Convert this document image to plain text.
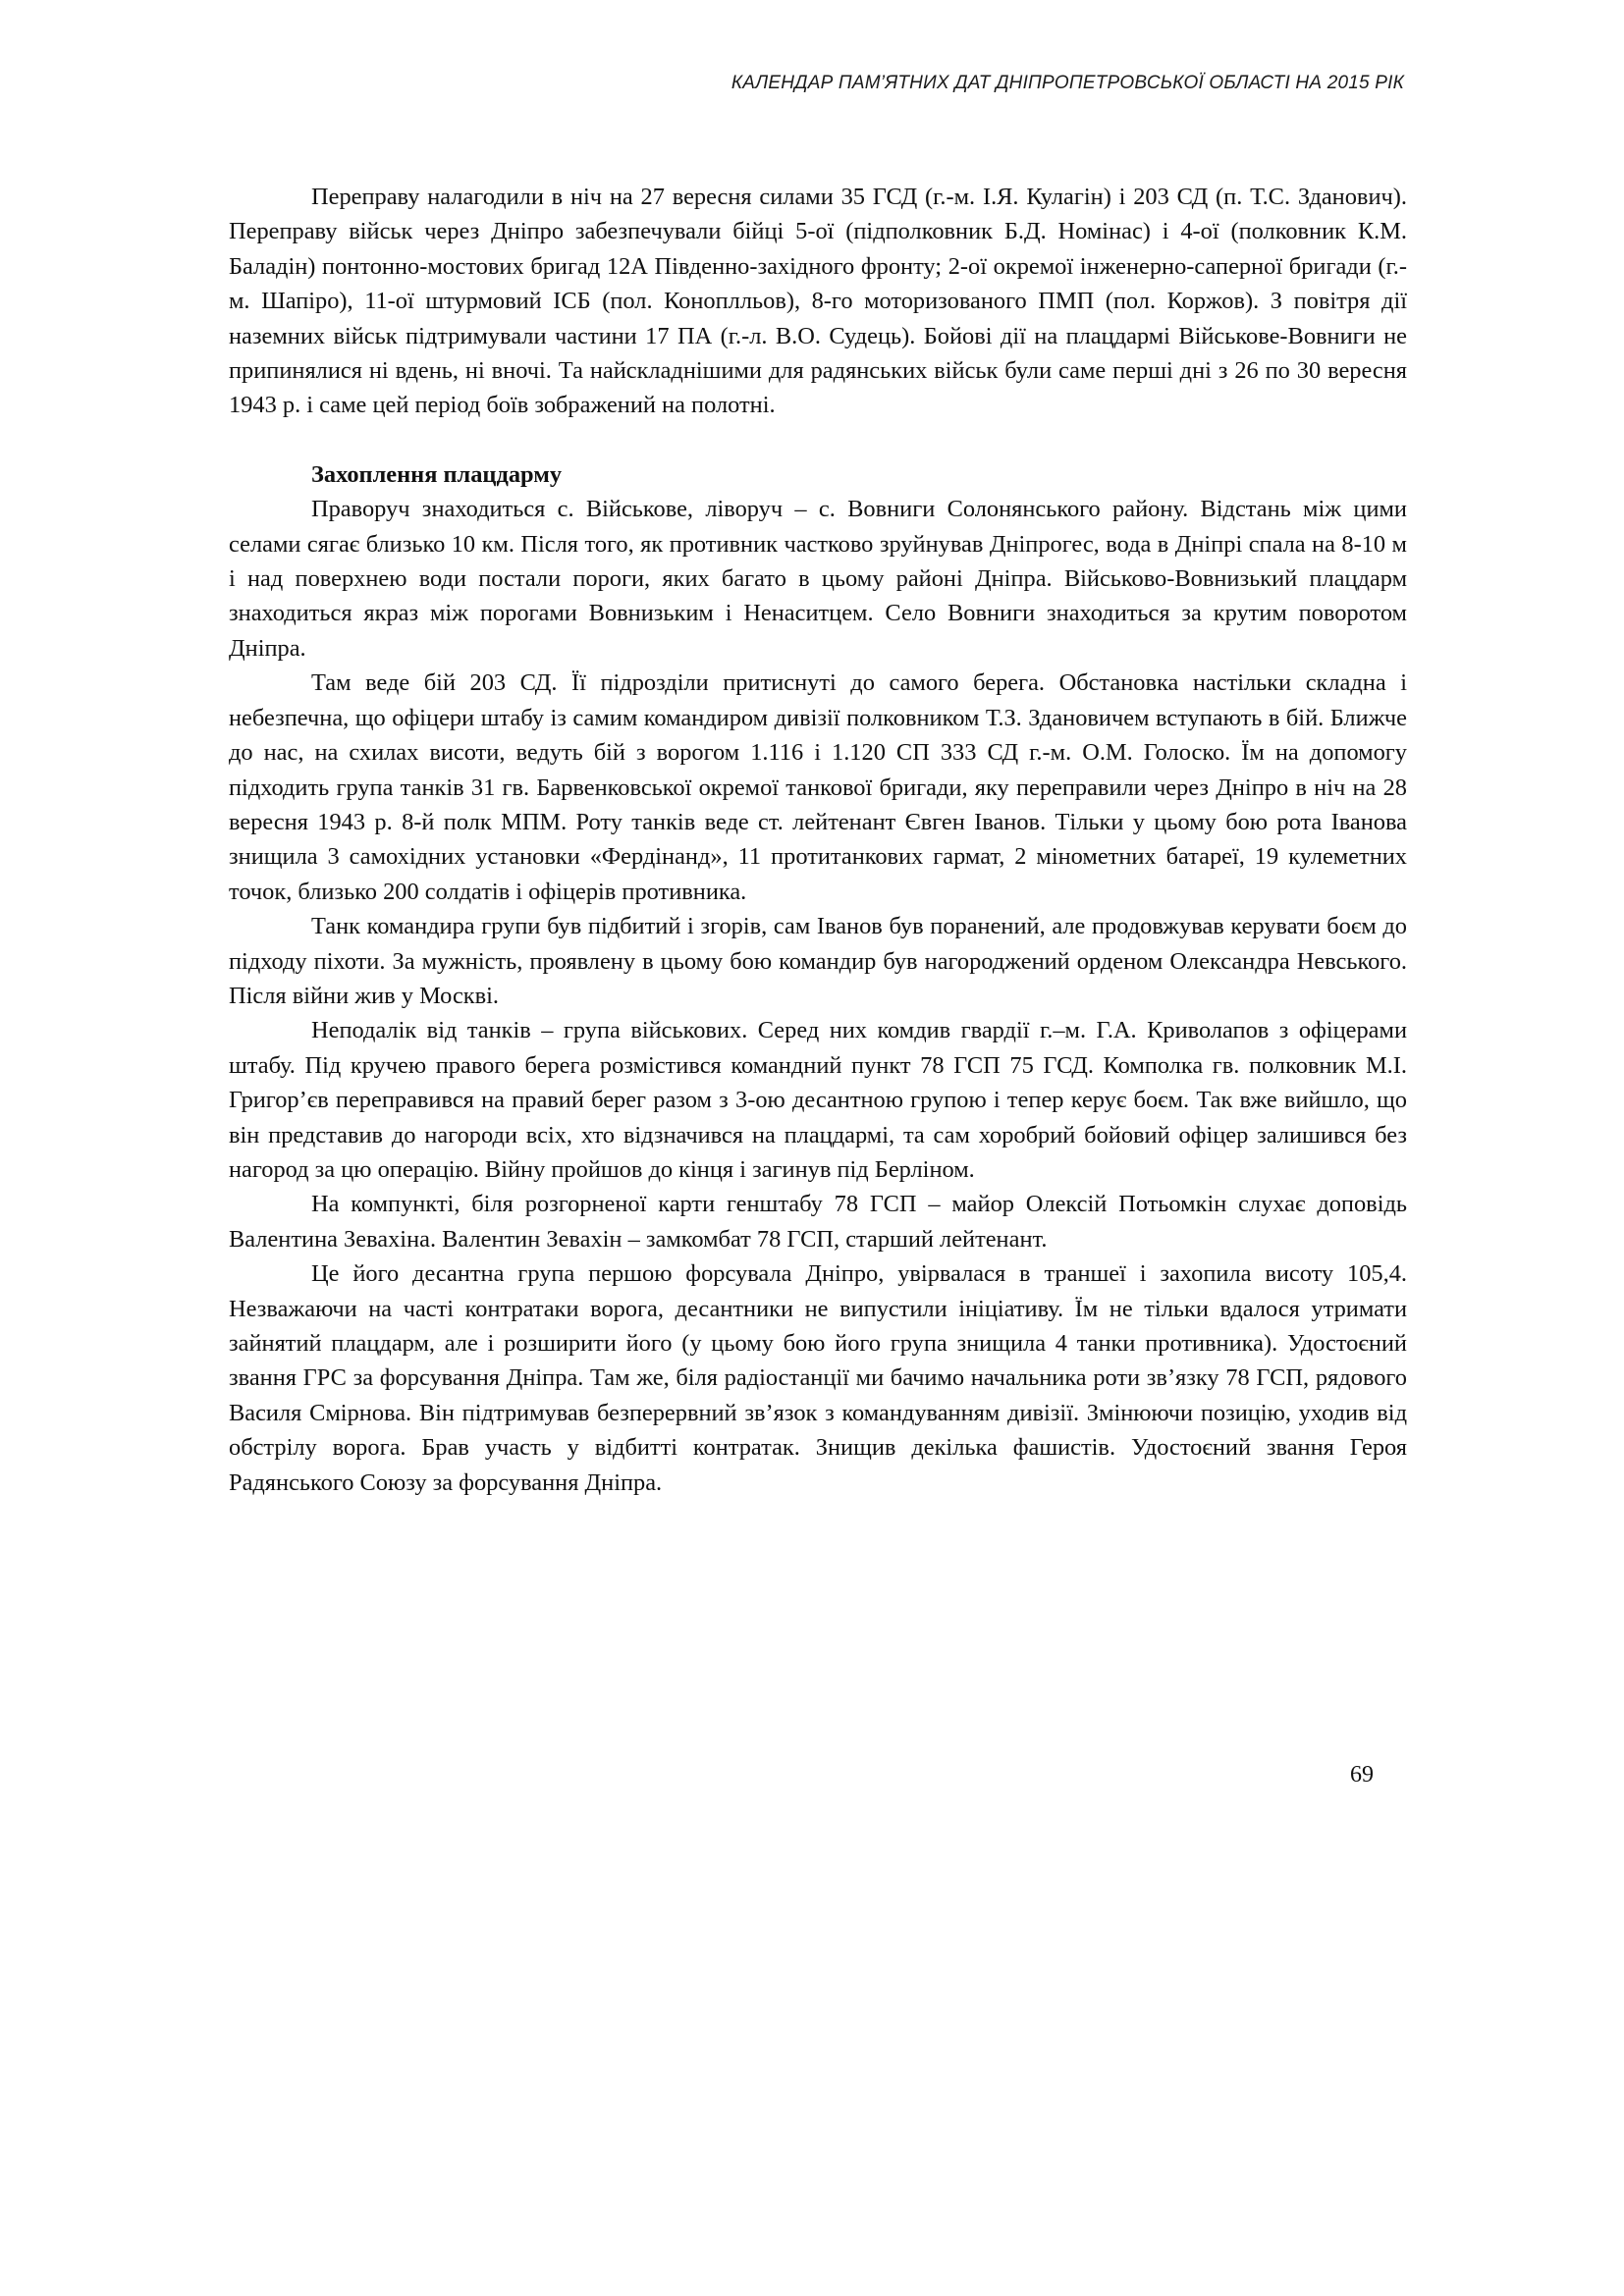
КАЛЕНДАР ПАМ’ЯТНИХ ДАТ ДНІПРОПЕТРОВСЬКОЇ ОБЛАСТІ НА 2015 РІК

Переправу налагодили в ніч на 27 вересня силами 35 ГСД (г.-м. І.Я. Кулагін) і 203 СД (п. Т.С. Зданович). Переправу військ через Дніпро забезпечували бійці 5-ої (підполковник Б.Д. Номінас) і 4-ої (полковник К.М. Баладін) понтонно-мостових бригад 12А Південно-західного фронту; 2-ої окремої інженерно-саперної бригади (г.-м. Шапіро), 11-ої штурмовий ІСБ (пол. Коноплльов), 8-го моторизованого ПМП (пол. Коржов). З повітря дії наземних військ підтримували частини 17 ПА (г.-л. В.О. Судець). Бойові дії на плацдармі Військове-Вовниги не припинялися ні вдень, ні вночі. Та найскладнішими для радянських військ були саме перші дні з 26 по 30 вересня 1943 р. і саме цей період боїв зображений на полотні.

Захоплення плацдарму

Праворуч знаходиться с. Військове, ліворуч – с. Вовниги Солонянського району. Відстань між цими селами сягає близько 10 км. Після того, як противник частково зруйнував Дніпрогес, вода в Дніпрі спала на 8-10 м і над поверхнею води постали пороги, яких багато в цьому районі Дніпра. Військово-Вовнизький плацдарм знаходиться якраз між порогами Вовнизьким і Ненаситцем. Село Вовниги знаходиться за крутим поворотом Дніпра.

Там веде бій 203 СД. Її підрозділи притиснуті до самого берега. Обстановка настільки складна і небезпечна, що офіцери штабу із самим командиром дивізії полковником Т.З. Здановичем вступають в бій. Ближче до нас, на схилах висоти, ведуть бій з ворогом 1.116 і 1.120 СП 333 СД г.-м. О.М. Голоско. Їм на допомогу підходить група танків 31 гв. Барвенковської окремої танкової бригади, яку переправили через Дніпро в ніч на 28 вересня 1943 р. 8-й полк МПМ. Роту танків веде ст. лейтенант Євген Іванов. Тільки у цьому бою рота Іванова знищила 3 самохідних установки «Фердінанд», 11 протитанкових гармат, 2 мінометних батареї, 19 кулеметних точок, близько 200 солдатів і офіцерів противника.

Танк командира групи був підбитий і згорів, сам Іванов був поранений, але продовжував керувати боєм до підходу піхоти. За мужність, проявлену в цьому бою командир був нагороджений орденом Олександра Невського. Після війни жив у Москві.

Неподалік від танків – група військових. Серед них комдив гвардії г.–м. Г.А. Криволапов з офіцерами штабу. Під кручею правого берега розмістився командний пункт 78 ГСП 75 ГСД. Комполка гв. полковник М.І. Григор’єв переправився на правий берег разом з 3-ою десантною групою і тепер керує боєм. Так вже вийшло, що він представив до нагороди всіх, хто відзначився на плацдармі, та сам хоробрий бойовий офіцер залишився без нагород за цю операцію. Війну пройшов до кінця і загинув під Берліном.

На компункті, біля розгорненої карти генштабу 78 ГСП – майор Олексій Потьомкін слухає доповідь Валентина Зевахіна. Валентин Зевахін – замкомбат 78 ГСП, старший лейтенант.

Це його десантна група першою форсувала Дніпро, увірвалася в траншеї і захопила висоту 105,4. Незважаючи на часті контратаки ворога, десантники не випустили ініціативу. Їм не тільки вдалося утримати зайнятий плацдарм, але і розширити його (у цьому бою його група знищила 4 танки противника). Удостоєний звання ГРС за форсування Дніпра. Там же, біля радіостанції ми бачимо начальника роти зв’язку 78 ГСП, рядового Василя Смірнова. Він підтримував безперервний зв’язок з командуванням дивізії. Змінюючи позицію, уходив від обстрілу ворога. Брав участь у відбитті контратак. Знищив декілька фашистів. Удостоєний звання Героя Радянського Союзу за форсування Дніпра.

69
